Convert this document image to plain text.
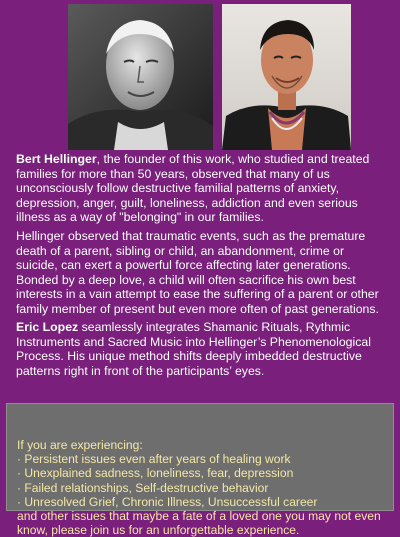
Bert Hellinger, the founder of this work, who studied and treated families for more than 50 years, observed that many of us unconsciously follow destructive familial patterns of anxiety, depression, anger, guilt, loneliness, addiction and even serious illness as a way of "belonging" in our families.

Hellinger observed that traumatic events, such as the premature death of a parent, sibling or child, an abandonment, crime or suicide, can exert a powerful force affecting later generations. Bonded by a deep love, a child will often sacrifice his own best interests in a vain attempt to ease the suffering of a parent or other family member of present but even more often of past generations.

Eric Lopez seamlessly integrates Shamanic Rituals, Rythmic Instruments and Sacred Music into Hellinger’s Phenomenological Process. His unique method shifts deeply imbedded destructive patterns right in front of the participants’ eyes.

If you are experiencing:
· Persistent issues even after years of healing work
· Unexplained sadness, loneliness, fear, depression
· Failed relationships, Self-destructive behavior
· Unresolved Grief, Chronic Illness, Unsuccessful career
and other issues that maybe a fate of a loved one you may not even know, please join us for an unforgettable experience.
